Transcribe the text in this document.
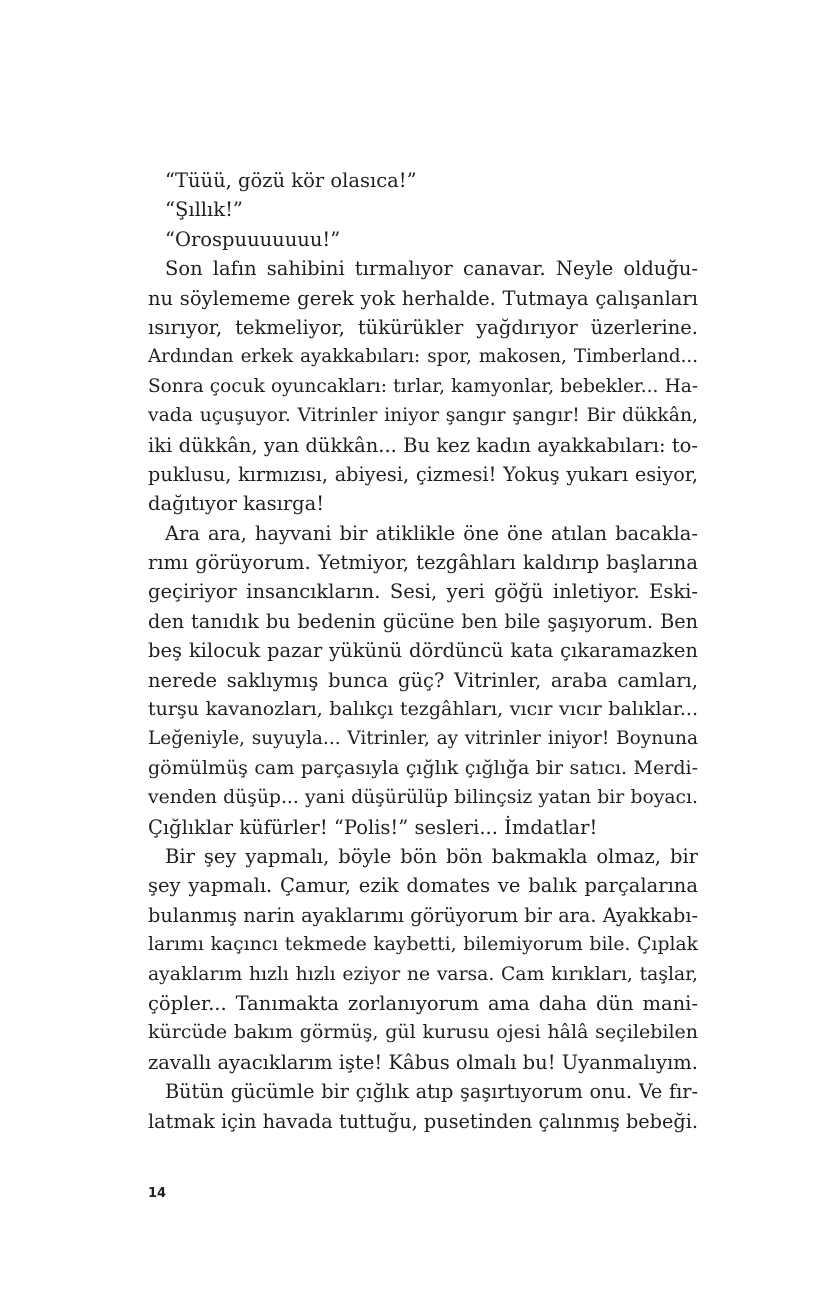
“Tüüü, gözü kör olasıca!”
“Şıllık!”
“Orospuuuuuuu!”
Son lafın sahibini tırmalıyor canavar. Neyle olduğu-
nu söylememe gerek yok herhalde. Tutmaya çalışanları
ısırıyor, tekmeliyor, tükürükler yağdırıyor üzerlerine.
Ardından erkek ayakkabıları: spor, makosen, Timberland...
Sonra çocuk oyuncakları: tırlar, kamyonlar, bebekler... Ha-
vada uçuşuyor. Vitrinler iniyor şangır şangır! Bir dükkân,
iki dükkân, yan dükkân... Bu kez kadın ayakkabıları: to-
puklusu, kırmızısı, abiyesi, çizmesi! Yokuş yukarı esiyor,
dağıtıyor kasırga!
Ara ara, hayvani bir atiklikle öne öne atılan bacakla-
rımı görüyorum. Yetmiyor, tezgâhları kaldırıp başlarına
geçiriyor insancıkların. Sesi, yeri göğü inletiyor. Eski-
den tanıdık bu bedenin gücüne ben bile şaşıyorum. Ben
beş kilocuk pazar yükünü dördüncü kata çıkaramazken
nerede saklıymış bunca güç? Vitrinler, araba camları,
turşu kavanozları, balıkçı tezgâhları, vıcır vıcır balıklar...
Leğeniyle, suyuyla... Vitrinler, ay vitrinler iniyor! Boynuna
gömülmüş cam parçasıyla çığlık çığlığa bir satıcı. Merdi-
venden düşüp... yani düşürülüp bilinçsiz yatan bir boyacı.
Çığlıklar küfürler! “Polis!” sesleri... İmdatlar!
Bir şey yapmalı, böyle bön bön bakmakla olmaz, bir
şey yapmalı. Çamur, ezik domates ve balık parçalarına
bulanmış narin ayaklarımı görüyorum bir ara. Ayakkabı-
larımı kaçıncı tekmede kaybetti, bilemiyorum bile. Çıplak
ayaklarım hızlı hızlı eziyor ne varsa. Cam kırıkları, taşlar,
çöpler... Tanımakta zorlanıyorum ama daha dün mani-
kürcüde bakım görmüş, gül kurusu ojesi hâlâ seçilebilen
zavallı ayacıklarım işte! Kâbus olmalı bu! Uyanmalıyım.
Bütün gücümle bir çığlık atıp şaşırtıyorum onu. Ve fır-
latmak için havada tuttuğu, pusetinden çalınmış bebeği.
14
